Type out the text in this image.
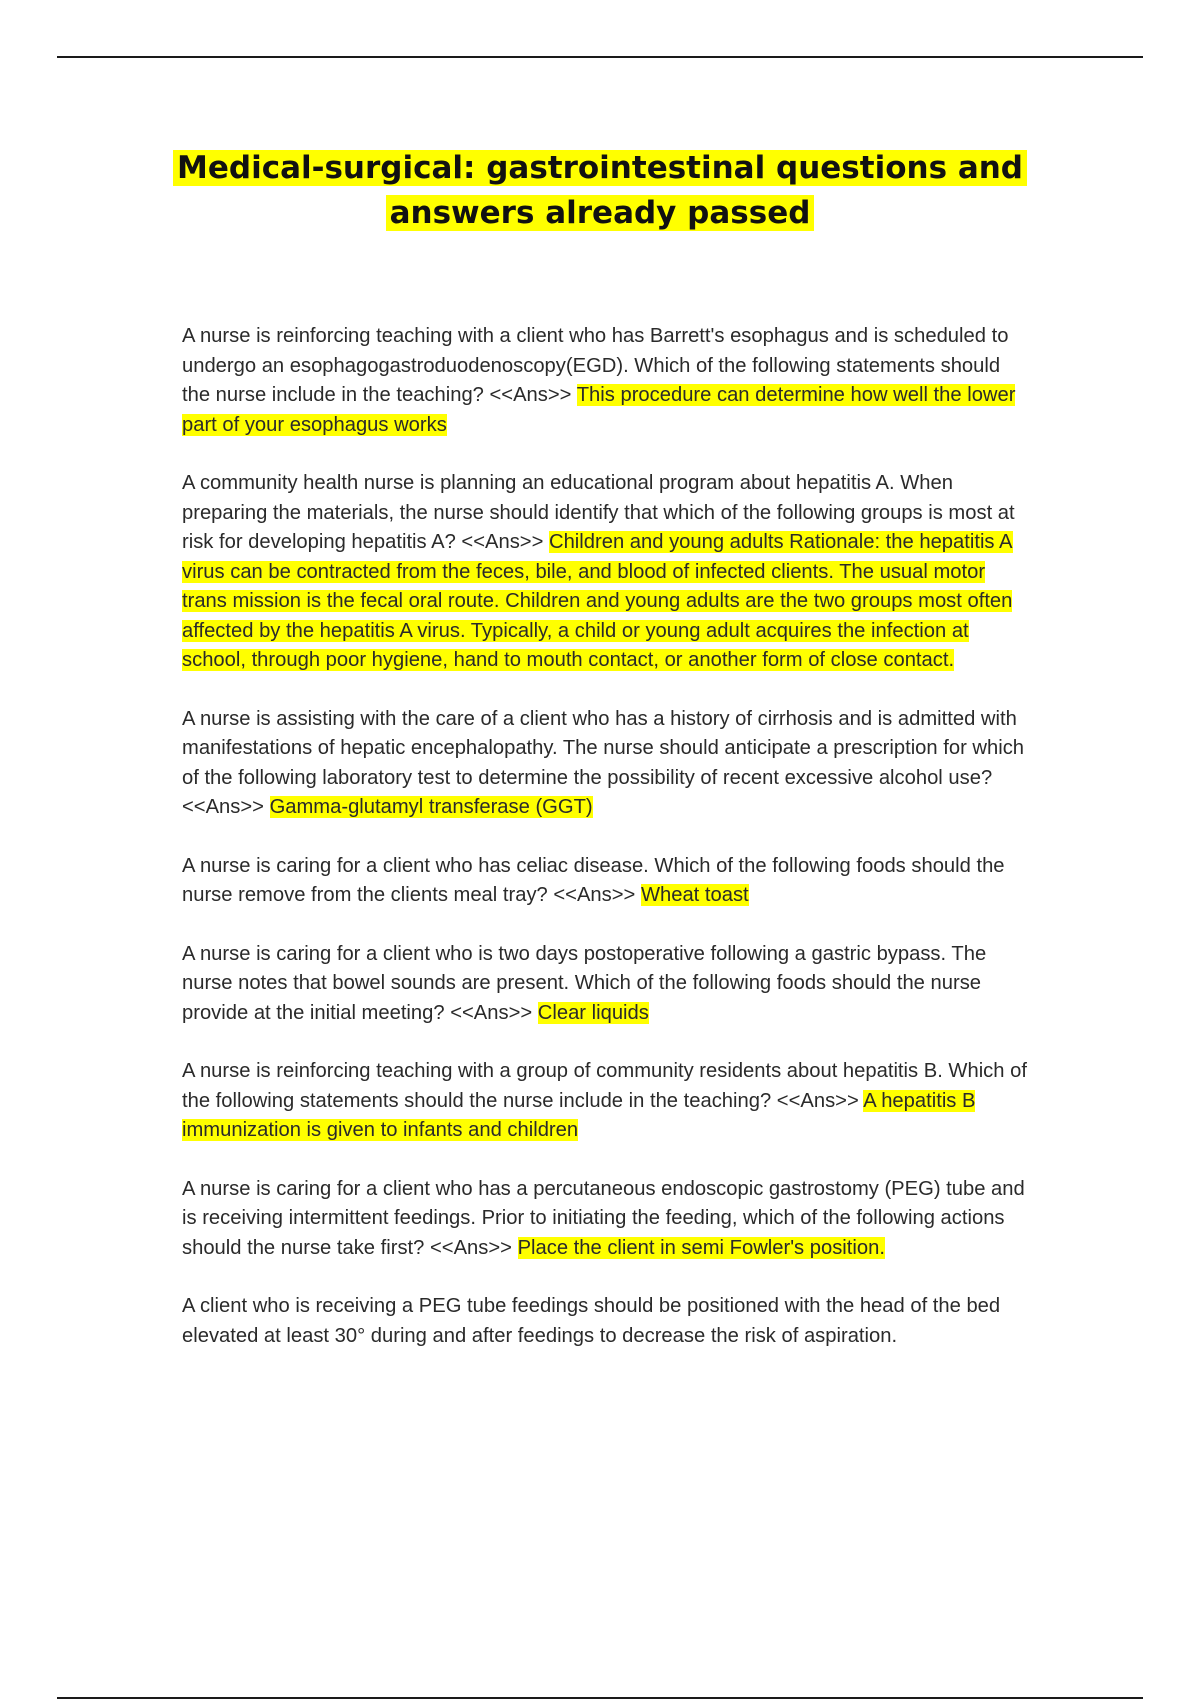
Medical-surgical: gastrointestinal questions and
answers already passed

A nurse is reinforcing teaching with a client who has Barrett's esophagus and is scheduled to undergo an esophagogastroduodenoscopy(EGD). Which of the following statements should the nurse include in the teaching? <<Ans>> This procedure can determine how well the lower part of your esophagus works

A community health nurse is planning an educational program about hepatitis A. When preparing the materials, the nurse should identify that which of the following groups is most at risk for developing hepatitis A? <<Ans>> Children and young adults Rationale: the hepatitis A virus can be contracted from the feces, bile, and blood of infected clients. The usual motor trans mission is the fecal oral route. Children and young adults are the two groups most often affected by the hepatitis A virus. Typically, a child or young adult acquires the infection at school, through poor hygiene, hand to mouth contact, or another form of close contact.

A nurse is assisting with the care of a client who has a history of cirrhosis and is admitted with manifestations of hepatic encephalopathy. The nurse should anticipate a prescription for which of the following laboratory test to determine the possibility of recent excessive alcohol use? <<Ans>> Gamma-glutamyl transferase (GGT)

A nurse is caring for a client who has celiac disease. Which of the following foods should the nurse remove from the clients meal tray? <<Ans>> Wheat toast

A nurse is caring for a client who is two days postoperative following a gastric bypass. The nurse notes that bowel sounds are present. Which of the following foods should the nurse provide at the initial meeting? <<Ans>> Clear liquids

A nurse is reinforcing teaching with a group of community residents about hepatitis B. Which of the following statements should the nurse include in the teaching? <<Ans>> A hepatitis B immunization is given to infants and children

A nurse is caring for a client who has a percutaneous endoscopic gastrostomy (PEG) tube and is receiving intermittent feedings. Prior to initiating the feeding, which of the following actions should the nurse take first? <<Ans>> Place the client in semi Fowler's position.

A client who is receiving a PEG tube feedings should be positioned with the head of the bed elevated at least 30° during and after feedings to decrease the risk of aspiration.
